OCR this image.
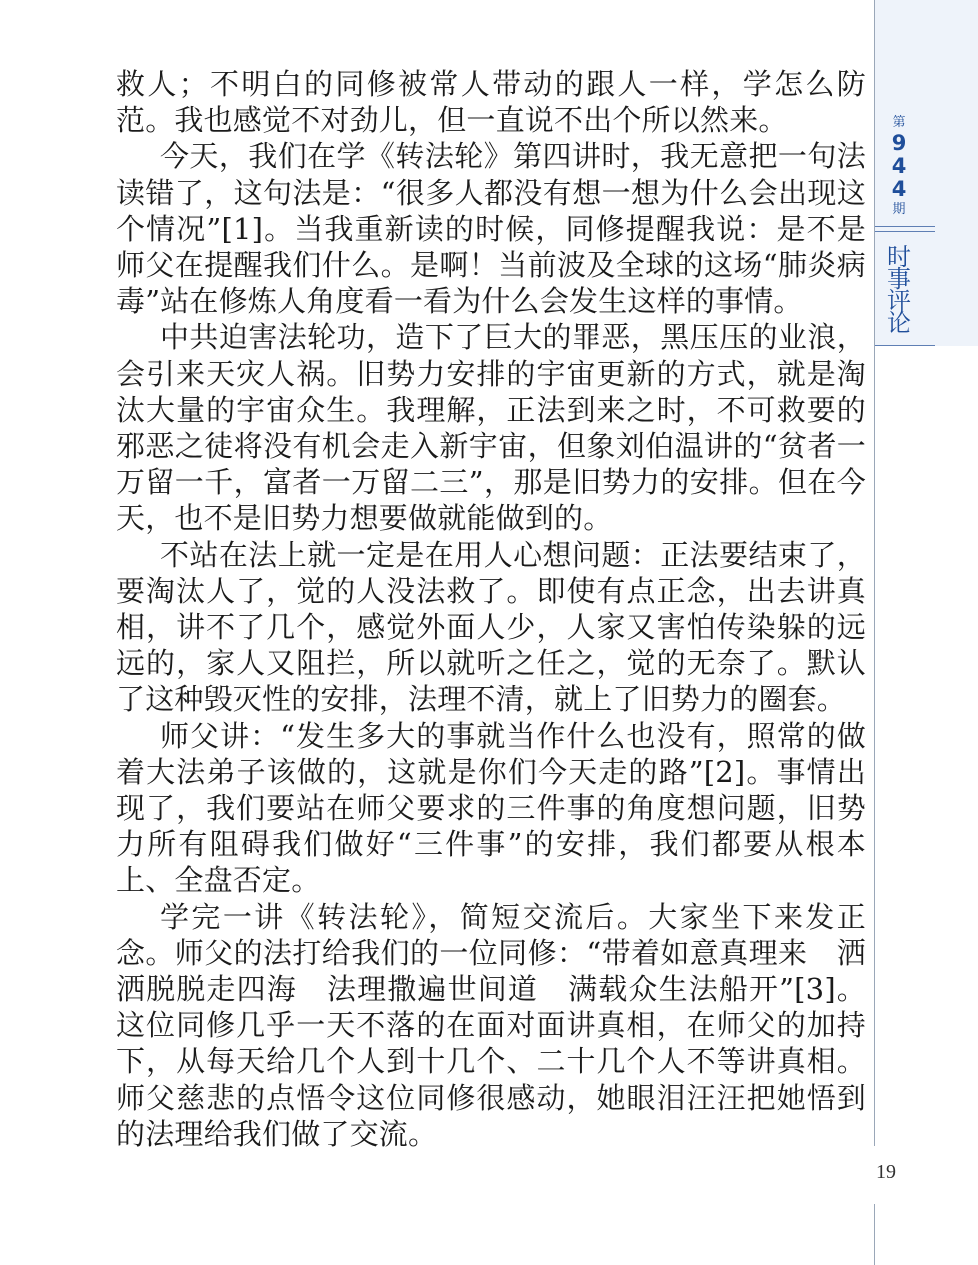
第
9
4
4
期
时
事
评
论

救人；不明白的同修被常人带动的跟人一样，学怎么防范。我也感觉不对劲儿，但一直说不出个所以然来。

今天，我们在学《转法轮》第四讲时，我无意把一句法读错了，这句法是：“很多人都没有想一想为什么会出现这个情况”[1]。当我重新读的时候，同修提醒我说：是不是师父在提醒我们什么。是啊！当前波及全球的这场“肺炎病毒”站在修炼人角度看一看为什么会发生这样的事情。

中共迫害法轮功，造下了巨大的罪恶，黑压压的业浪，会引来天灾人祸。旧势力安排的宇宙更新的方式，就是淘汰大量的宇宙众生。我理解，正法到来之时，不可救要的邪恶之徒将没有机会走入新宇宙，但象刘伯温讲的“贫者一万留一千，富者一万留二三”，那是旧势力的安排。但在今天，也不是旧势力想要做就能做到的。

不站在法上就一定是在用人心想问题：正法要结束了，要淘汰人了，觉的人没法救了。即使有点正念，出去讲真相，讲不了几个，感觉外面人少，人家又害怕传染躲的远远的，家人又阻拦，所以就听之任之，觉的无奈了。默认了这种毁灭性的安排，法理不清，就上了旧势力的圈套。

师父讲：“发生多大的事就当作什么也没有，照常的做着大法弟子该做的，这就是你们今天走的路”[2]。事情出现了，我们要站在师父要求的三件事的角度想问题，旧势力所有阻碍我们做好“三件事”的安排，我们都要从根本上、全盘否定。

学完一讲《转法轮》，简短交流后。大家坐下来发正念。师父的法打给我们的一位同修：“带着如意真理来　洒洒脱脱走四海　法理撒遍世间道　满载众生法船开”[3]。这位同修几乎一天不落的在面对面讲真相，在师父的加持下，从每天给几个人到十几个、二十几个人不等讲真相。师父慈悲的点悟令这位同修很感动，她眼泪汪汪把她悟到的法理给我们做了交流。

19
